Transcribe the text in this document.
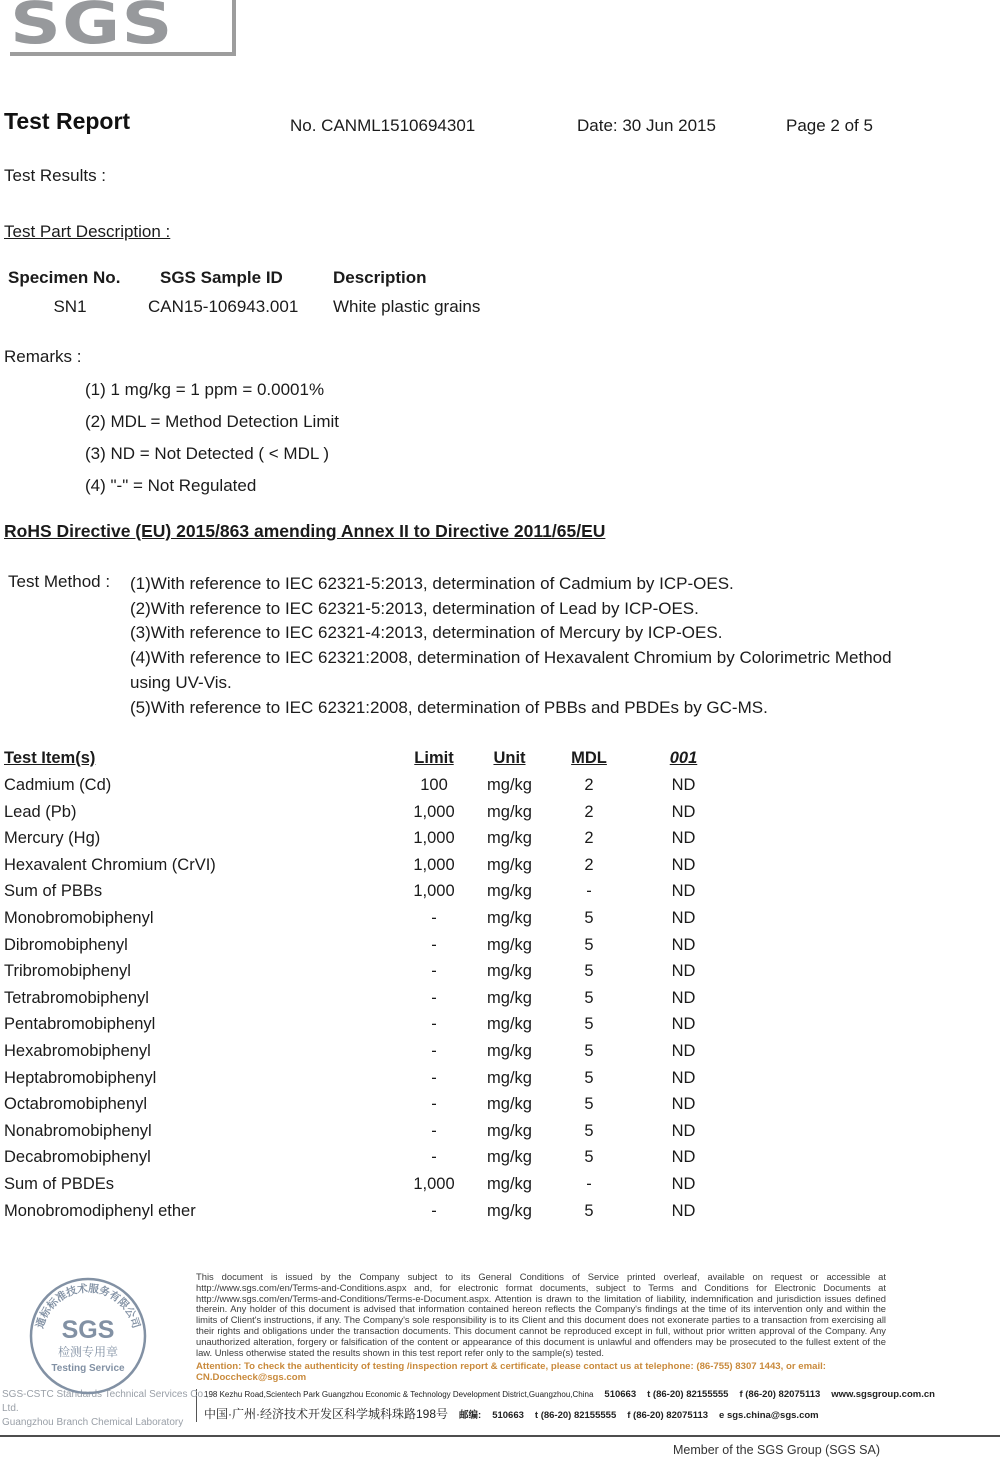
SGS
Test Report	No. CANML1510694301	Date: 30 Jun 2015	Page 2 of 5
Test Results :
Test Part Description :
Specimen No.	SGS Sample ID	Description
SN1	CAN15-106943.001	White plastic grains
Remarks :
(1) 1 mg/kg = 1 ppm = 0.0001%
(2) MDL = Method Detection Limit
(3) ND = Not Detected ( < MDL )
(4) "-" = Not Regulated
RoHS Directive (EU) 2015/863 amending Annex II to Directive 2011/65/EU
Test Method :	(1)With reference to IEC 62321-5:2013, determination of Cadmium by ICP-OES.
(2)With reference to IEC 62321-5:2013, determination of Lead by ICP-OES.
(3)With reference to IEC 62321-4:2013, determination of Mercury by ICP-OES.
(4)With reference to IEC 62321:2008, determination of Hexavalent Chromium by Colorimetric Method using UV-Vis.
(5)With reference to IEC 62321:2008, determination of PBBs and PBDEs by GC-MS.
Test Item(s)	Limit	Unit	MDL	001
Cadmium (Cd)	100	mg/kg	2	ND
Lead (Pb)	1,000	mg/kg	2	ND
Mercury (Hg)	1,000	mg/kg	2	ND
Hexavalent Chromium (CrVI)	1,000	mg/kg	2	ND
Sum of PBBs	1,000	mg/kg	-	ND
Monobromobiphenyl	-	mg/kg	5	ND
Dibromobiphenyl	-	mg/kg	5	ND
Tribromobiphenyl	-	mg/kg	5	ND
Tetrabromobiphenyl	-	mg/kg	5	ND
Pentabromobiphenyl	-	mg/kg	5	ND
Hexabromobiphenyl	-	mg/kg	5	ND
Heptabromobiphenyl	-	mg/kg	5	ND
Octabromobiphenyl	-	mg/kg	5	ND
Nonabromobiphenyl	-	mg/kg	5	ND
Decabromobiphenyl	-	mg/kg	5	ND
Sum of PBDEs	1,000	mg/kg	-	ND
Monobromodiphenyl ether	-	mg/kg	5	ND
通标标准技术服务有限公司
SGS
检测专用章
Testing Service
SGS-CSTC Standards Technical Services Co., Ltd.
Guangzhou Branch Chemical Laboratory
This document is issued by the Company subject to its General Conditions of Service printed overleaf, available on request or accessible at http://www.sgs.com/en/Terms-and-Conditions.aspx and, for electronic format documents, subject to Terms and Conditions for Electronic Documents at http://www.sgs.com/en/Terms-and-Conditions/Terms-e-Document.aspx. Attention is drawn to the limitation of liability, indemnification and jurisdiction issues defined therein. Any holder of this document is advised that information contained hereon reflects the Company's findings at the time of its intervention only and within the limits of Client's instructions, if any. The Company's sole responsibility is to its Client and this document does not exonerate parties to a transaction from exercising all their rights and obligations under the transaction documents. This document cannot be reproduced except in full, without prior written approval of the Company. Any unauthorized alteration, forgery or falsification of the content or appearance of this document is unlawful and offenders may be prosecuted to the fullest extent of the law. Unless otherwise stated the results shown in this test report refer only to the sample(s) tested.
Attention: To check the authenticity of testing /inspection report & certificate, please contact us at telephone: (86-755) 8307 1443, or email: CN.Doccheck@sgs.com
198 Kezhu Road,Scientech Park Guangzhou Economic & Technology Development District,Guangzhou,China 510663 t (86-20) 82155555 f (86-20) 82075113 www.sgsgroup.com.cn
中国·广州·经济技术开发区科学城科珠路198号 邮编: 510663 t (86-20) 82155555 f (86-20) 82075113 e sgs.china@sgs.com
Member of the SGS Group (SGS SA)
